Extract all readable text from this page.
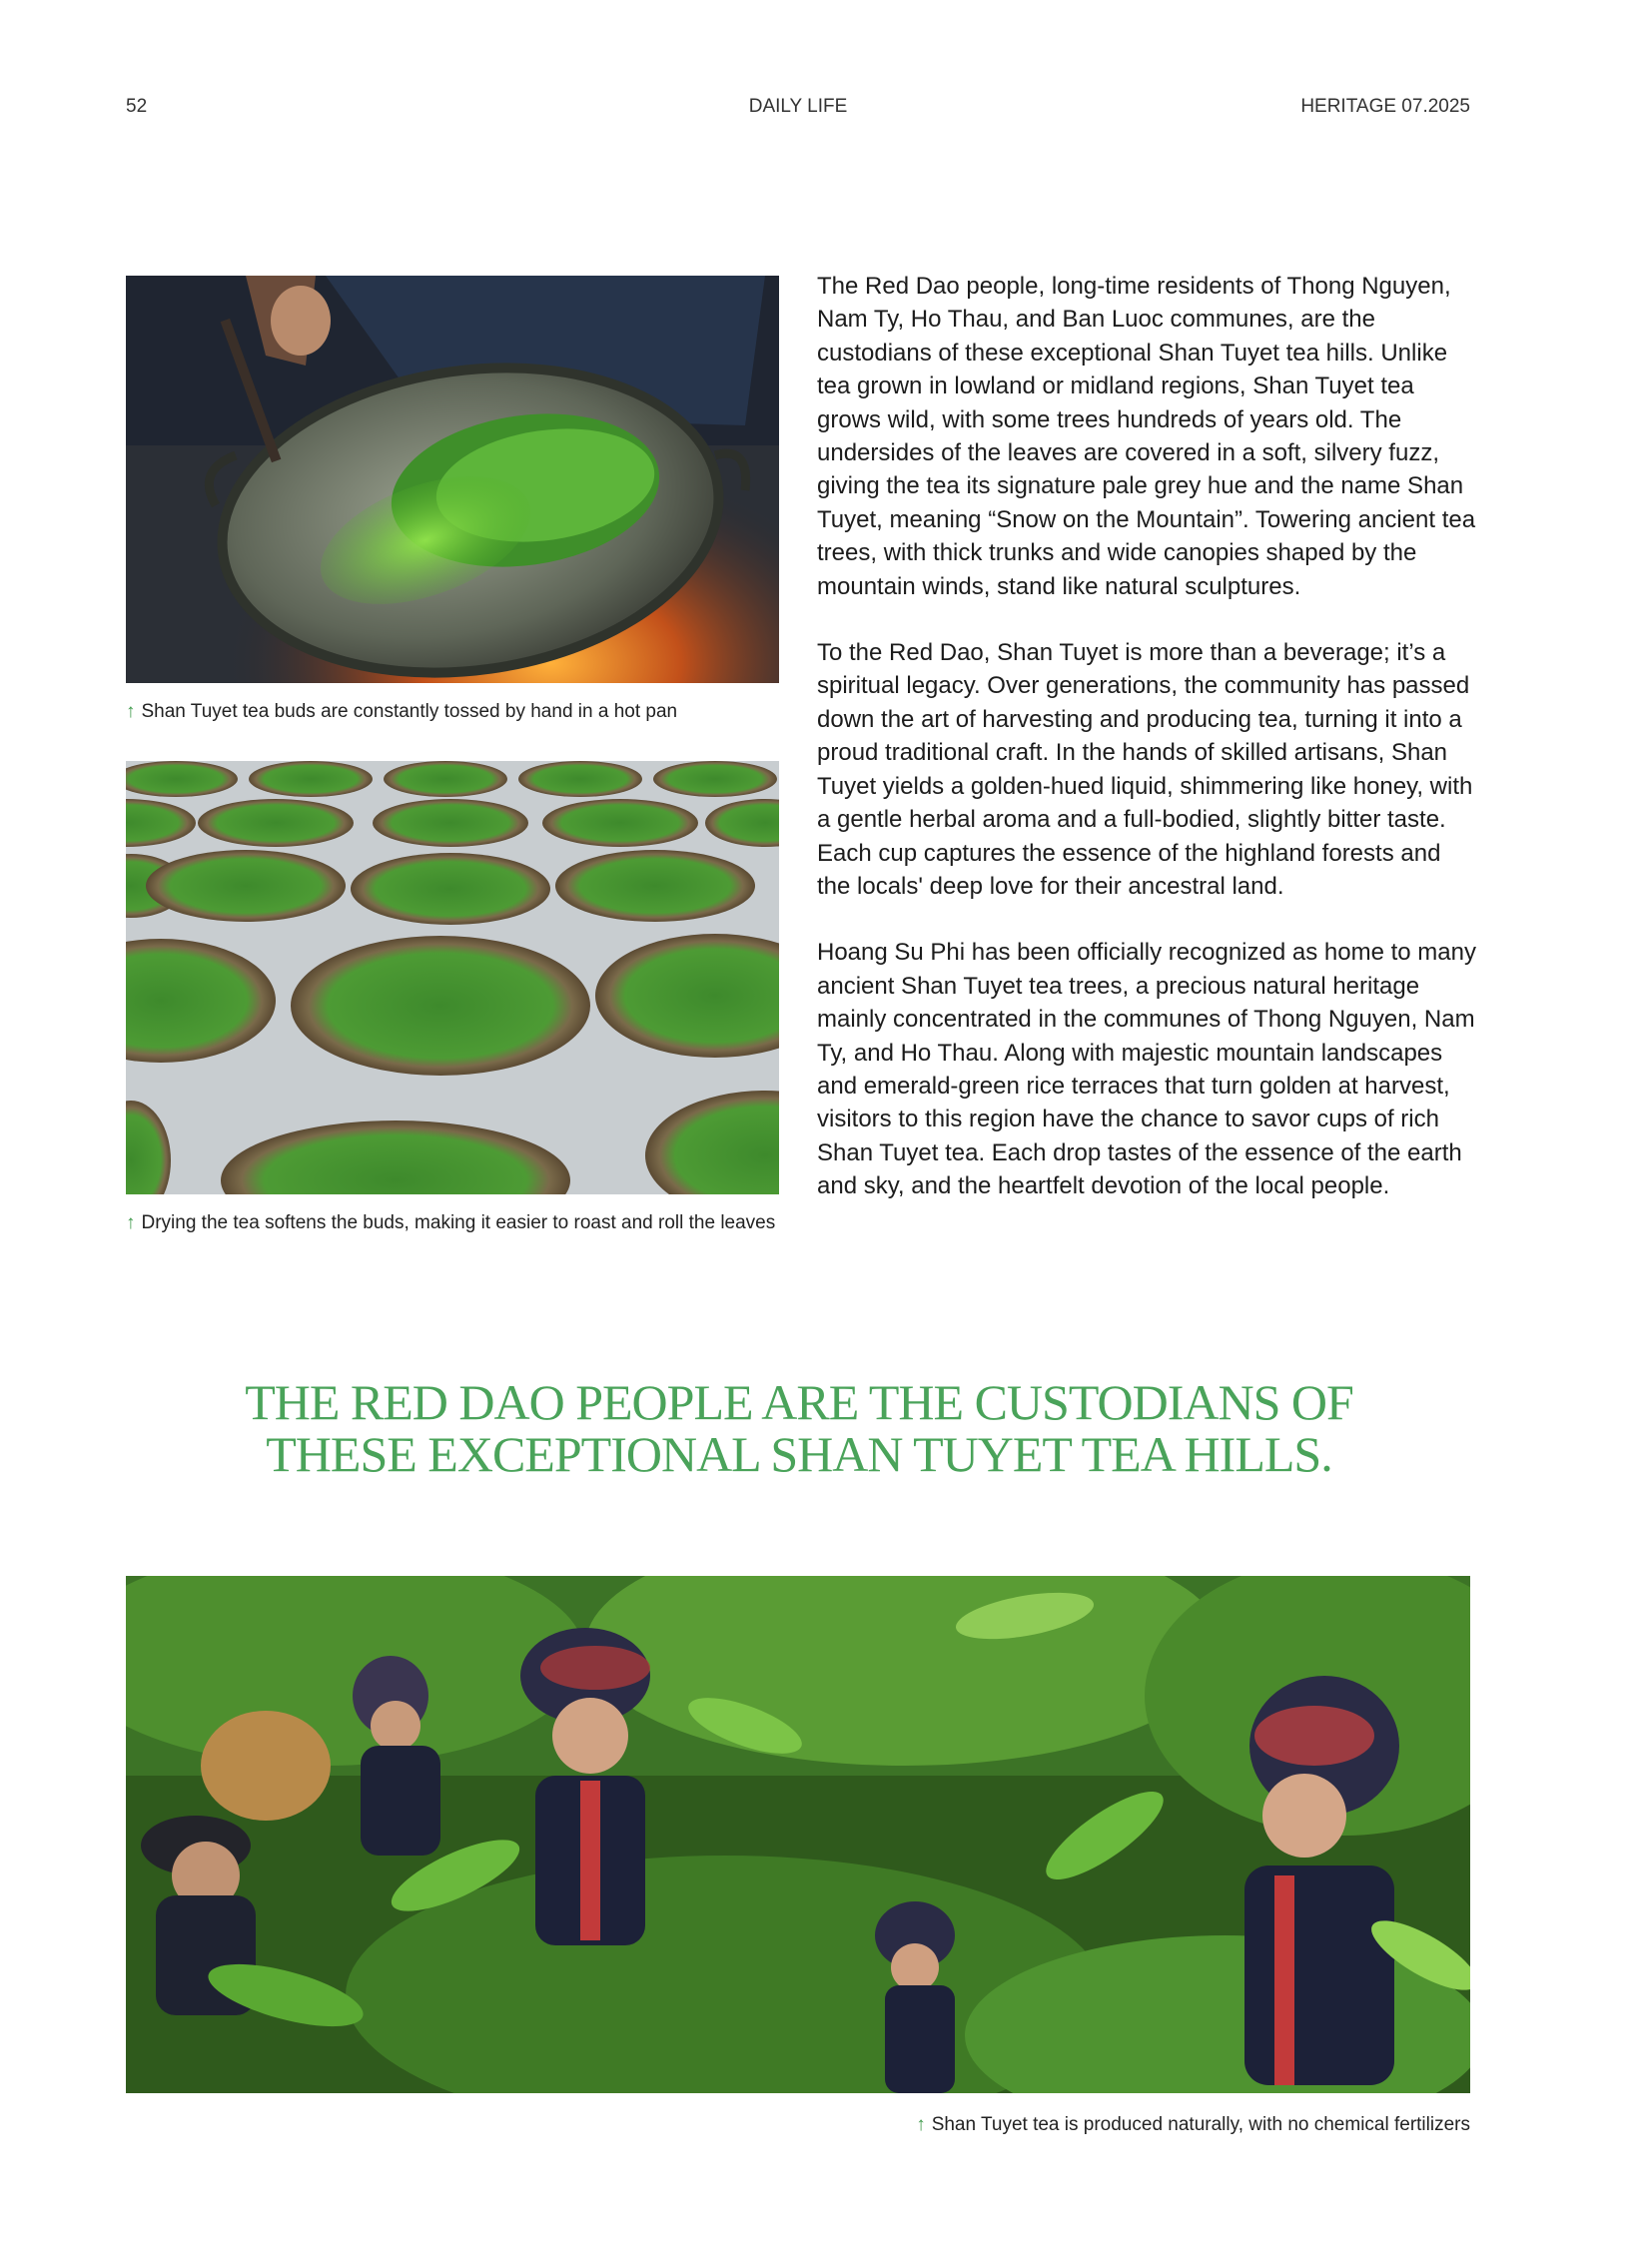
52	DAILY LIFE	HERITAGE 07.2025
↑ Shan Tuyet tea buds are constantly tossed by hand in a hot pan
↑ Drying the tea softens the buds, making it easier to roast and roll the leaves

The Red Dao people, long-time residents of Thong Nguyen, Nam Ty, Ho Thau, and Ban Luoc communes, are the custodians of these exceptional Shan Tuyet tea hills. Unlike tea grown in lowland or midland regions, Shan Tuyet tea grows wild, with some trees hundreds of years old. The undersides of the leaves are covered in a soft, silvery fuzz, giving the tea its signature pale grey hue and the name Shan Tuyet, meaning “Snow on the Mountain”. Towering ancient tea trees, with thick trunks and wide canopies shaped by the mountain winds, stand like natural sculptures.

To the Red Dao, Shan Tuyet is more than a beverage; it’s a spiritual legacy. Over generations, the community has passed down the art of harvesting and producing tea, turning it into a proud traditional craft. In the hands of skilled artisans, Shan Tuyet yields a golden-hued liquid, shimmering like honey, with a gentle herbal aroma and a full-bodied, slightly bitter taste. Each cup captures the essence of the highland forests and the locals' deep love for their ancestral land.

Hoang Su Phi has been officially recognized as home to many ancient Shan Tuyet tea trees, a precious natural heritage mainly concentrated in the communes of Thong Nguyen, Nam Ty, and Ho Thau. Along with majestic mountain landscapes and emerald-green rice terraces that turn golden at harvest, visitors to this region have the chance to savor cups of rich Shan Tuyet tea. Each drop tastes of the essence of the earth and sky, and the heartfelt devotion of the local people.

THE RED DAO PEOPLE ARE THE CUSTODIANS OF
THESE EXCEPTIONAL SHAN TUYET TEA HILLS.
↑ Shan Tuyet tea is produced naturally, with no chemical fertilizers
